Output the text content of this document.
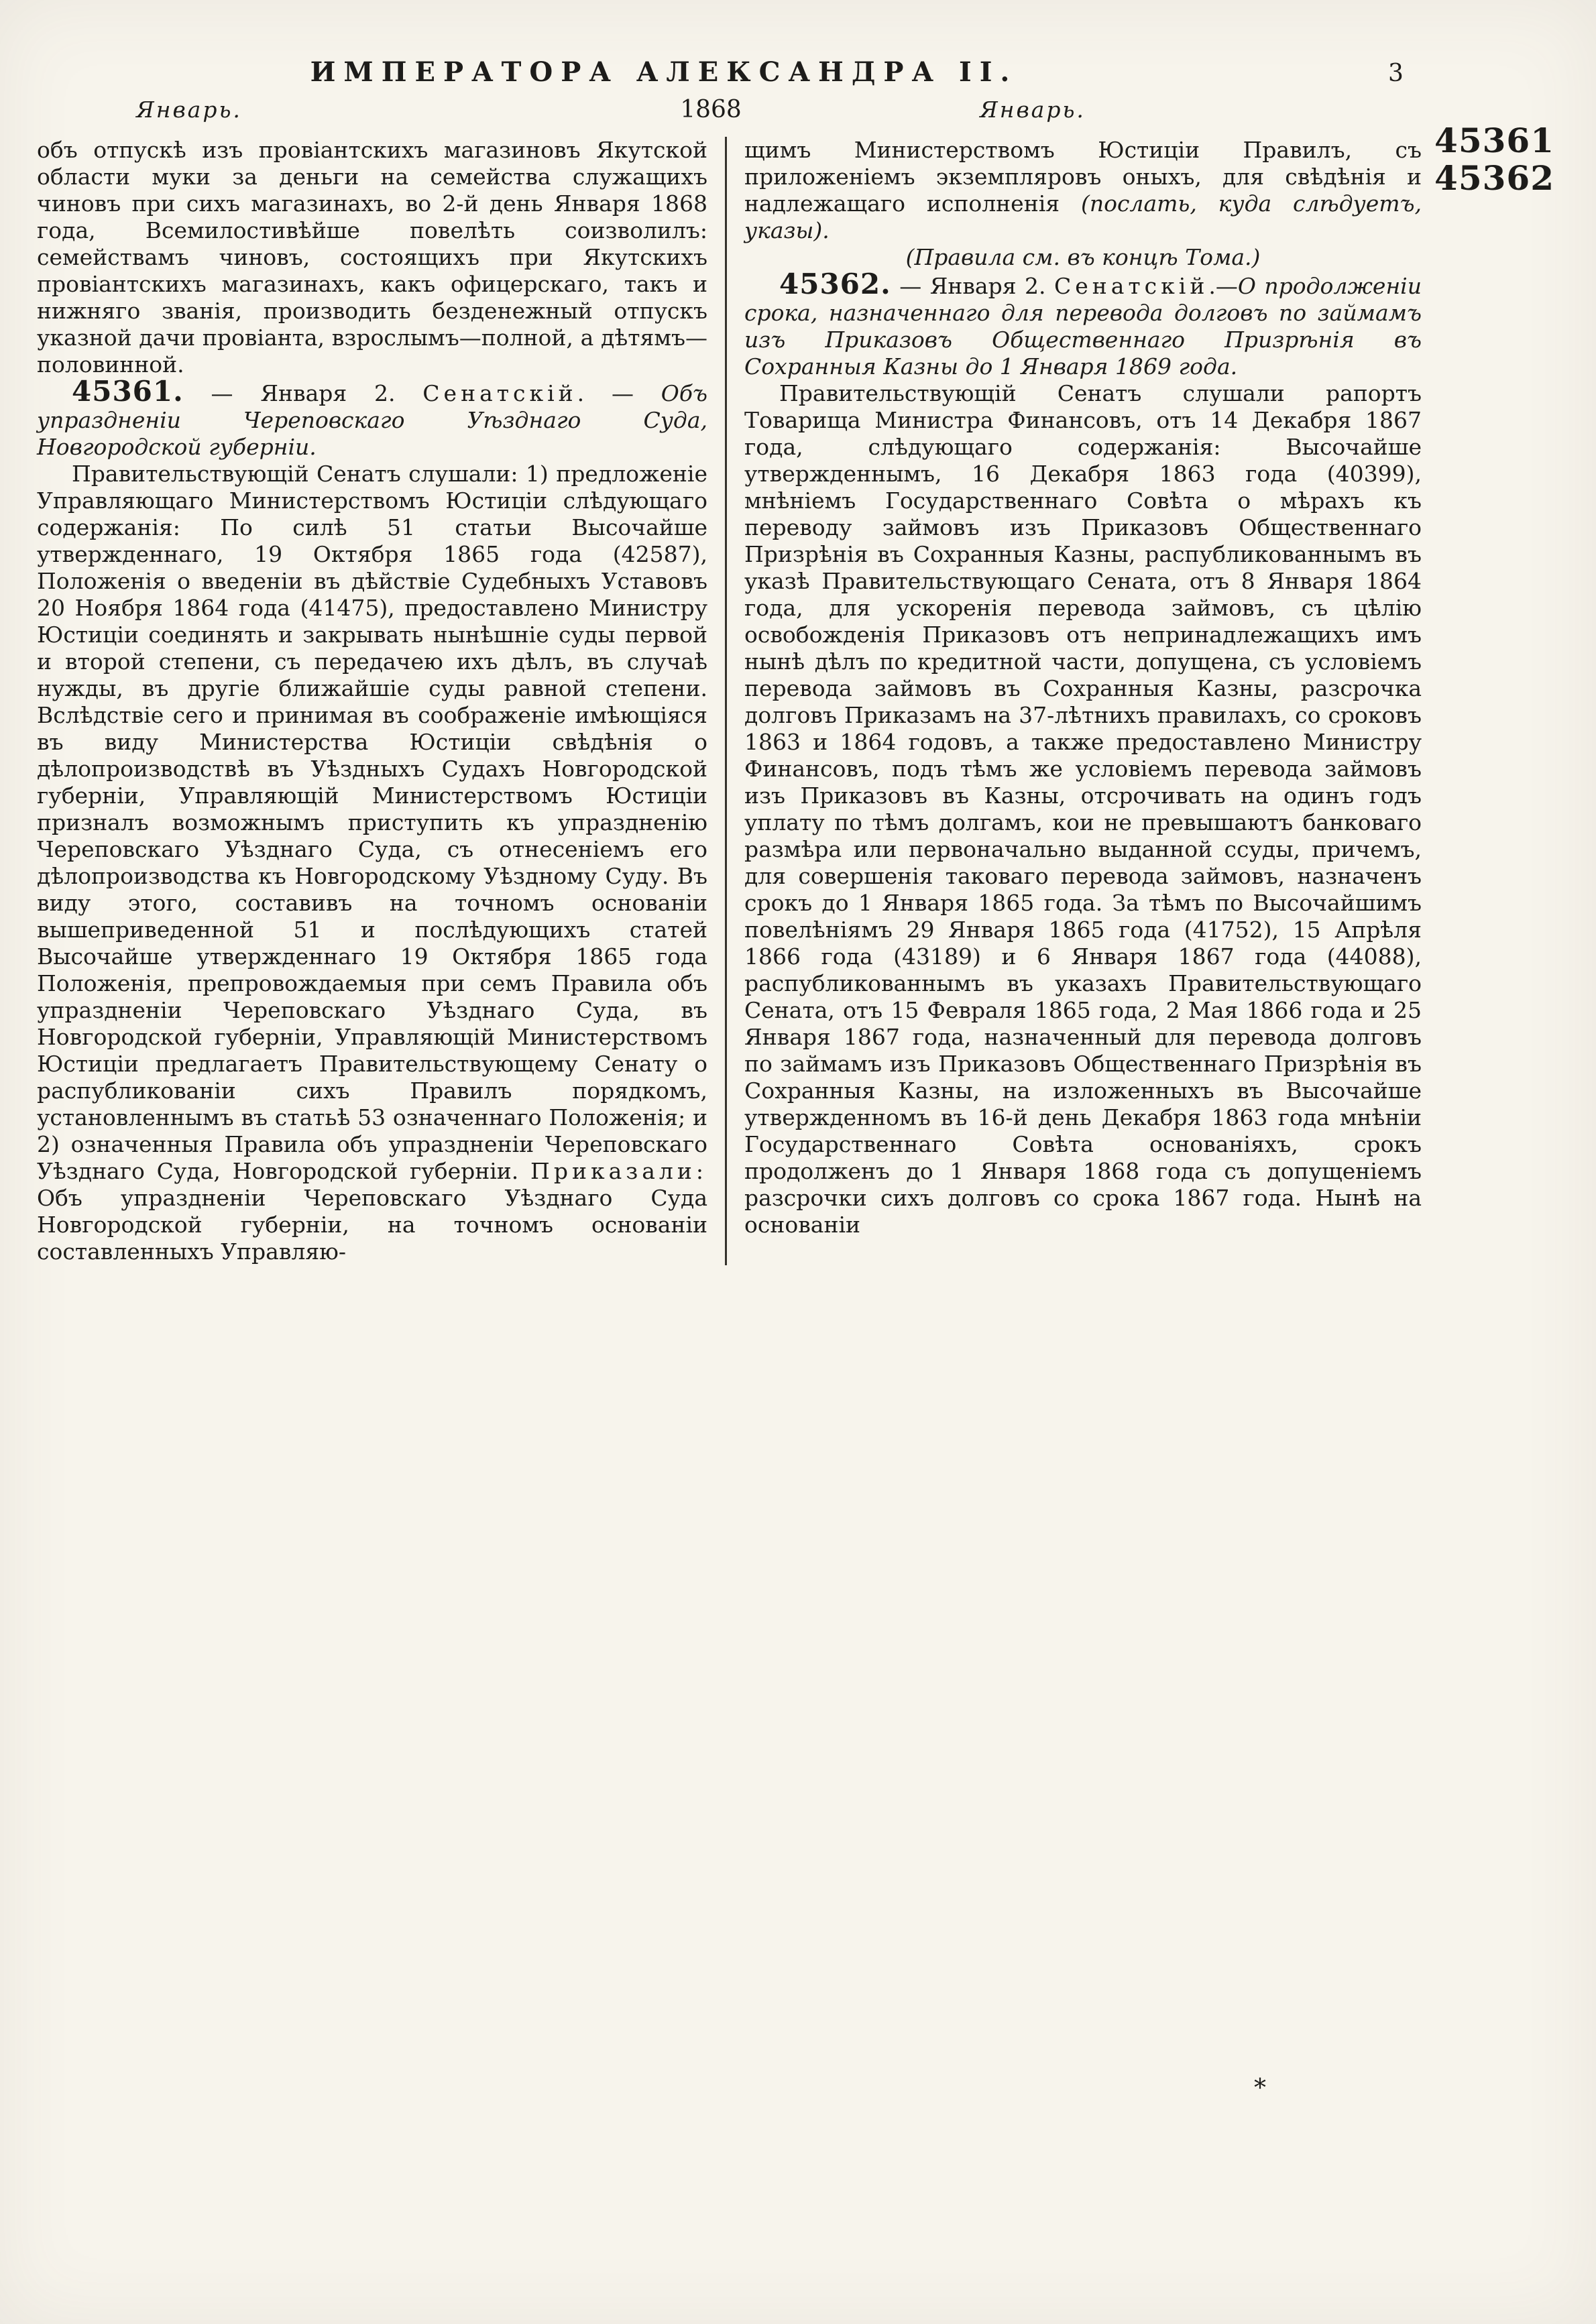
ИМПЕРАТОРА АЛЕКСАНДРА II.	3
Январь.	1868	Январь.

объ отпускѣ изъ провіантскихъ магазиновъ Якутской области муки за деньги на семейства служащихъ чиновъ при сихъ магазинахъ, во 2-й день Января 1868 года, Всемилостивѣйше повелѣть соизволилъ: семействамъ чиновъ, состоящихъ при Якутскихъ провіантскихъ магазинахъ, какъ офицерскаго, такъ и нижняго званія, производить безденежный отпускъ указной дачи провіанта, взрослымъ—полной, а дѣтямъ—половинной.

45361. — Января 2. Сенатскій. — Объ упраздненіи Череповскаго Уѣзднаго Суда, Новгородской губерніи.

Правительствующій Сенатъ слушали: 1) предложеніе Управляющаго Министерствомъ Юстиціи слѣдующаго содержанія: По силѣ 51 статьи Высочайше утвержденнаго, 19 Октября 1865 года (42587), Положенія о введеніи въ дѣйствіе Судебныхъ Уставовъ 20 Ноября 1864 года (41475), предоставлено Министру Юстиціи соединять и закрывать нынѣшніе суды первой и второй степени, съ передачею ихъ дѣлъ, въ случаѣ нужды, въ другіе ближайшіе суды равной степени. Вслѣдствіе сего и принимая въ соображеніе имѣющіяся въ виду Министерства Юстиціи свѣдѣнія о дѣлопроизводствѣ въ Уѣздныхъ Судахъ Новгородской губерніи, Управляющій Министерствомъ Юстиціи призналъ возможнымъ приступить къ упраздненію Череповскаго Уѣзднаго Суда, съ отнесеніемъ его дѣлопроизводства къ Новгородскому Уѣздному Суду. Въ виду этого, составивъ на точномъ основаніи вышеприведенной 51 и послѣдующихъ статей Высочайше утвержденнаго 19 Октября 1865 года Положенія, препровождаемыя при семъ Правила объ упраздненіи Череповскаго Уѣзднаго Суда, въ Новгородской губерніи, Управляющій Министерствомъ Юстиціи предлагаетъ Правительствующему Сенату о распубликованіи сихъ Правилъ порядкомъ, установленнымъ въ статьѣ 53 означеннаго Положенія; и 2) означенныя Правила объ упраздненіи Череповскаго Уѣзднаго Суда, Новгородской губерніи. Приказали: Объ упраздненіи Череповскаго Уѣзднаго Суда Новгородской губерніи, на точномъ основаніи составленныхъ Управляю-

щимъ Министерствомъ Юстиціи Правилъ, съ приложеніемъ экземпляровъ оныхъ, для свѣдѣнія и надлежащаго исполненія (послать, куда слѣдуетъ, указы).

(Правила см. въ концѣ Тома.)

45362. — Января 2. Сенатскій.—О продолженіи срока, назначеннаго для перевода долговъ по займамъ изъ Приказовъ Общественнаго Призрѣнія въ Сохранныя Казны до 1 Января 1869 года.

Правительствующій Сенатъ слушали рапортъ Товарища Министра Финансовъ, отъ 14 Декабря 1867 года, слѣдующаго содержанія: Высочайше утвержденнымъ, 16 Декабря 1863 года (40399), мнѣніемъ Государственнаго Совѣта о мѣрахъ къ переводу займовъ изъ Приказовъ Общественнаго Призрѣнія въ Сохранныя Казны, распубликованнымъ въ указѣ Правительствующаго Сената, отъ 8 Января 1864 года, для ускоренія перевода займовъ, съ цѣлію освобожденія Приказовъ отъ непринадлежащихъ имъ нынѣ дѣлъ по кредитной части, допущена, съ условіемъ перевода займовъ въ Сохранныя Казны, разсрочка долговъ Приказамъ на 37-лѣтнихъ правилахъ, со сроковъ 1863 и 1864 годовъ, а также предоставлено Министру Финансовъ, подъ тѣмъ же условіемъ перевода займовъ изъ Приказовъ въ Казны, отсрочивать на одинъ годъ уплату по тѣмъ долгамъ, кои не превышаютъ банковаго размѣра или первоначально выданной ссуды, причемъ, для совершенія таковаго перевода займовъ, назначенъ срокъ до 1 Января 1865 года. За тѣмъ по Высочайшимъ повелѣніямъ 29 Января 1865 года (41752), 15 Апрѣля 1866 года (43189) и 6 Января 1867 года (44088), распубликованнымъ въ указахъ Правительствующаго Сената, отъ 15 Февраля 1865 года, 2 Мая 1866 года и 25 Января 1867 года, назначенный для перевода долговъ по займамъ изъ Приказовъ Общественнаго Призрѣнія въ Сохранныя Казны, на изложенныхъ въ Высочайше утвержденномъ въ 16-й день Декабря 1863 года мнѣніи Государственнаго Совѣта основаніяхъ, срокъ продолженъ до 1 Января 1868 года съ допущеніемъ разсрочки сихъ долговъ со срока 1867 года. Нынѣ на основаніи

45361
45362
*
